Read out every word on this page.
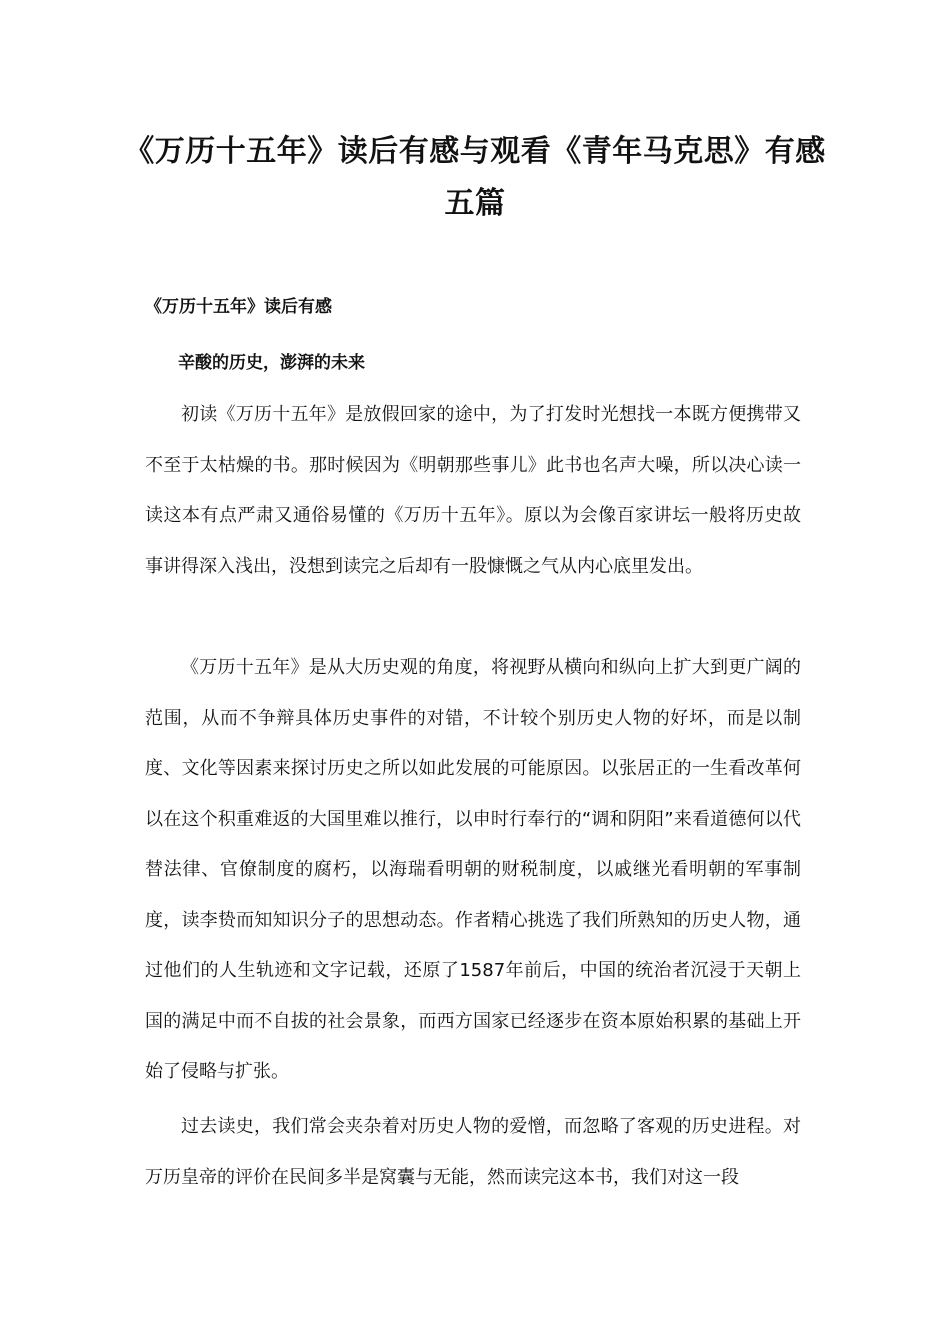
《万历十五年》读后有感与观看《青年马克思》有感五篇
《万历十五年》读后有感
辛酸的历史，澎湃的未来

初读《万历十五年》是放假回家的途中，为了打发时光想找一本既方便携带又不至于太枯燥的书。那时候因为《明朝那些事儿》此书也名声大噪，所以决心读一读这本有点严肃又通俗易懂的《万历十五年》。原以为会像百家讲坛一般将历史故事讲得深入浅出，没想到读完之后却有一股慷慨之气从内心底里发出。

《万历十五年》是从大历史观的角度，将视野从横向和纵向上扩大到更广阔的范围，从而不争辩具体历史事件的对错，不计较个别历史人物的好坏，而是以制度、文化等因素来探讨历史之所以如此发展的可能原因。以张居正的一生看改革何以在这个积重难返的大国里难以推行，以申时行奉行的“调和阴阳”来看道德何以代替法律、官僚制度的腐朽，以海瑞看明朝的财税制度，以戚继光看明朝的军事制度，读李贽而知知识分子的思想动态。作者精心挑选了我们所熟知的历史人物，通过他们的人生轨迹和文字记载，还原了1587年前后，中国的统治者沉浸于天朝上国的满足中而不自拔的社会景象，而西方国家已经逐步在资本原始积累的基础上开始了侵略与扩张。

过去读史，我们常会夹杂着对历史人物的爱憎，而忽略了客观的历史进程。对万历皇帝的评价在民间多半是窝囊与无能，然而读完这本书，我们对这一段
